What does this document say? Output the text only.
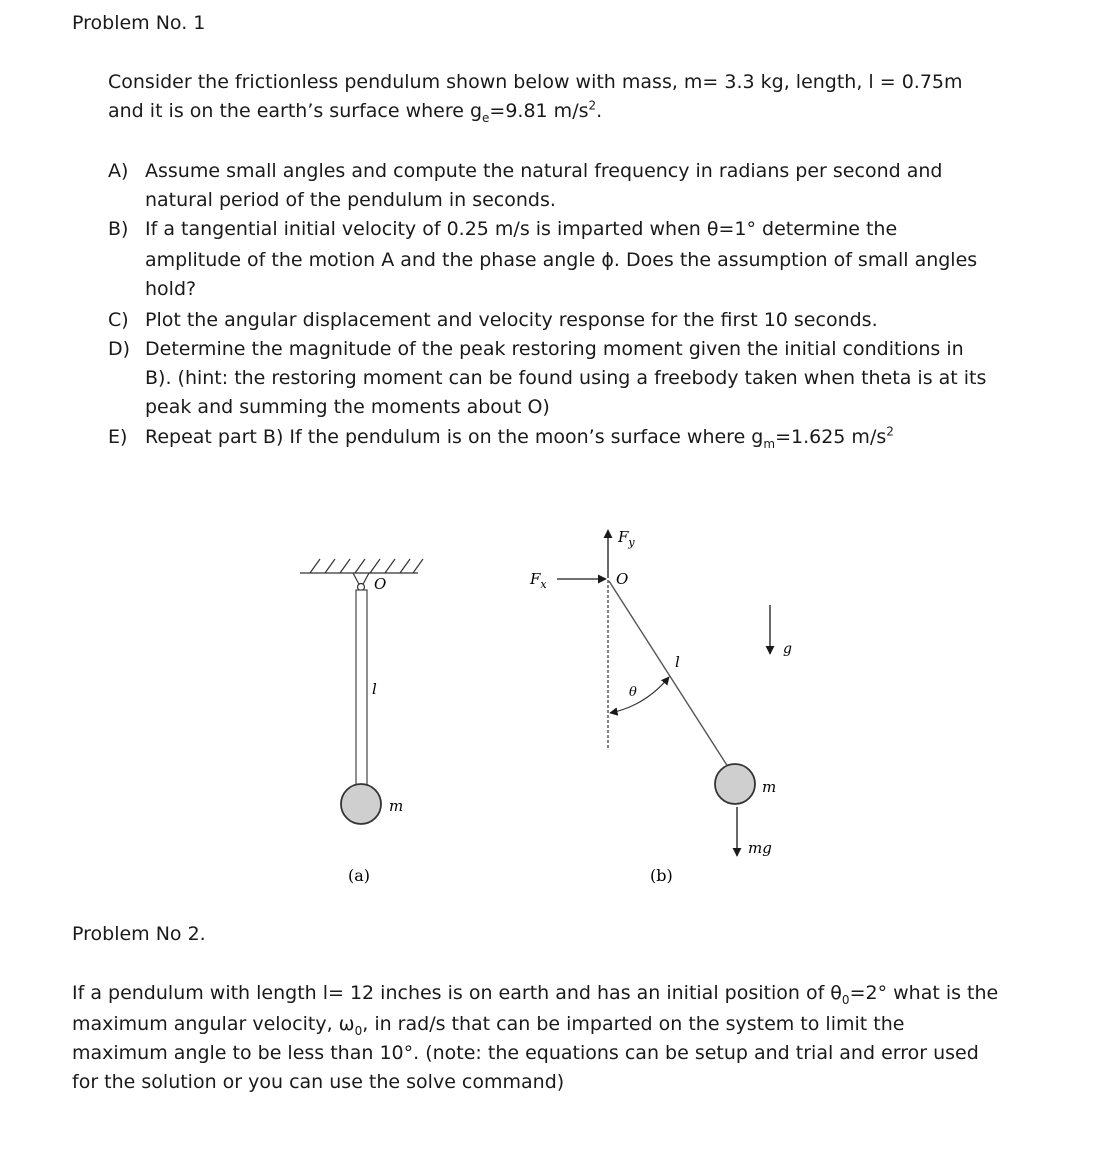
Problem No. 1
Consider the frictionless pendulum shown below with mass, m= 3.3 kg, length, l = 0.75m
and it is on the earth’s surface where $g_e=9.81$ $m/s^2$.
A) Assume small angles and compute the natural frequency in radians per second and
natural period of the pendulum in seconds.
B) If a tangential initial velocity of 0.25 m/s is imparted when θ=1° determine the
amplitude of the motion A and the phase angle ϕ. Does the assumption of small angles
hold?
C) Plot the angular displacement and velocity response for the first 10 seconds.
D) Determine the magnitude of the peak restoring moment given the initial conditions in
B). (hint: the restoring moment can be found using a freebody taken when theta is at its
peak and summing the moments about O)
E) Repeat part B) If the pendulum is on the moon’s surface where $g_m=1.625$ $m/s^2$
O
l
m
(a)
$F_y$
$F_x$	O
l
θ
m
mg
g
(b)
Problem No 2.
If a pendulum with length l= 12 inches is on earth and has an initial position of $\theta_0=2^\circ$ what is the
maximum angular velocity, $\omega_0$, in rad/s that can be imparted on the system to limit the
maximum angle to be less than 10°. (note: the equations can be setup and trial and error used
for the solution or you can use the solve command)
